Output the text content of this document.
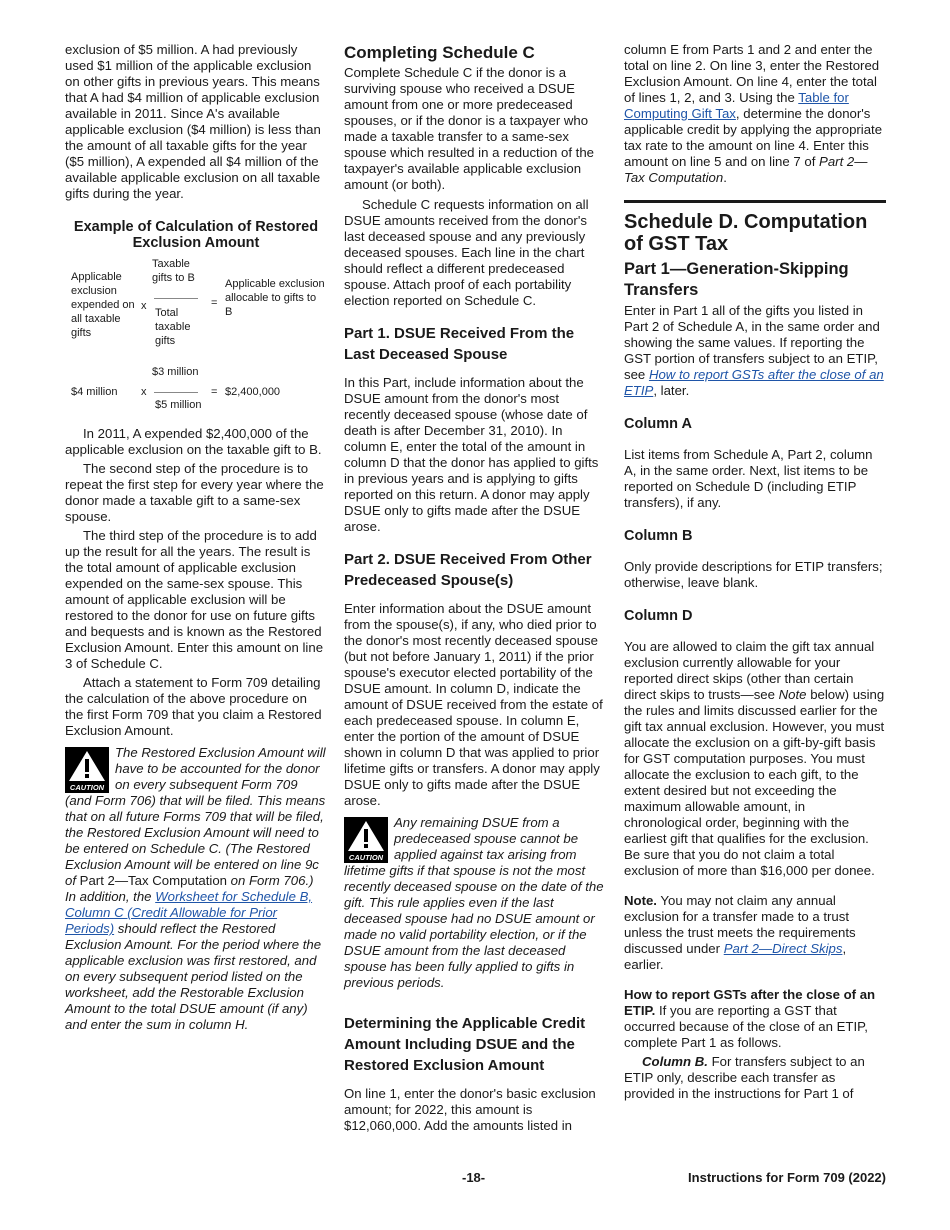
exclusion of $5 million. A had previously used $1 million of the applicable exclusion on other gifts in previous years. This means that A had $4 million of applicable exclusion available in 2011. Since A's available applicable exclusion ($4 million) is less than the amount of all taxable gifts for the year ($5 million), A expended all $4 million of the available applicable exclusion on all taxable gifts during the year.

Example of Calculation of Restored Exclusion Amount
Applicable exclusion expended on all taxable gifts
x
Taxable gifts to B
Total taxable gifts
=
Applicable exclusion allocable to gifts to B
$4 million x
$3 million
$5 million
= $2,400,000

In 2011, A expended $2,400,000 of the applicable exclusion on the taxable gift to B.

The second step of the procedure is to repeat the first step for every year where the donor made a taxable gift to a same-sex spouse.

The third step of the procedure is to add up the result for all the years. The result is the total amount of applicable exclusion expended on the same-sex spouse. This amount of applicable exclusion will be restored to the donor for use on future gifts and bequests and is known as the Restored Exclusion Amount. Enter this amount on line 3 of Schedule C.

Attach a statement to Form 709 detailing the calculation of the above procedure on the first Form 709 that you claim a Restored Exclusion Amount.

CAUTION
The Restored Exclusion Amount will have to be accounted for the donor on every subsequent Form 709 (and Form 706) that will be filed. This means that on all future Forms 709 that will be filed, the Restored Exclusion Amount will need to be entered on Schedule C. (The Restored Exclusion Amount will be entered on line 9c of Part 2—Tax Computation on Form 706.) In addition, the Worksheet for Schedule B, Column C (Credit Allowable for Prior Periods) should reflect the Restored Exclusion Amount. For the period where the applicable exclusion was first restored, and on every subsequent period listed on the worksheet, add the Restorable Exclusion Amount to the total DSUE amount (if any) and enter the sum in column H.
Completing Schedule C

Complete Schedule C if the donor is a surviving spouse who received a DSUE amount from one or more predeceased spouses, or if the donor is a taxpayer who made a taxable transfer to a same-sex spouse which resulted in a reduction of the taxpayer's available applicable exclusion amount (or both).

Schedule C requests information on all DSUE amounts received from the donor's last deceased spouse and any previously deceased spouses. Each line in the chart should reflect a different predeceased spouse. Attach proof of each portability election reported on Schedule C.

Part 1. DSUE Received From the Last Deceased Spouse

In this Part, include information about the DSUE amount from the donor's most recently deceased spouse (whose date of death is after December 31, 2010). In column E, enter the total of the amount in column D that the donor has applied to gifts in previous years and is applying to gifts reported on this return. A donor may apply DSUE only to gifts made after the DSUE arose.

Part 2. DSUE Received From Other Predeceased Spouse(s)

Enter information about the DSUE amount from the spouse(s), if any, who died prior to the donor's most recently deceased spouse (but not before January 1, 2011) if the prior spouse's executor elected portability of the DSUE amount. In column D, indicate the amount of DSUE received from the estate of each predeceased spouse. In column E, enter the portion of the amount of DSUE shown in column D that was applied to prior lifetime gifts or transfers. A donor may apply DSUE only to gifts made after the DSUE arose.

CAUTION
Any remaining DSUE from a predeceased spouse cannot be applied against tax arising from lifetime gifts if that spouse is not the most recently deceased spouse on the date of the gift. This rule applies even if the last deceased spouse had no DSUE amount or made no valid portability election, or if the DSUE amount from the last deceased spouse has been fully applied to gifts in previous periods.
Determining the Applicable Credit Amount Including DSUE and the Restored Exclusion Amount

On line 1, enter the donor's basic exclusion amount; for 2022, this amount is $12,060,000. Add the amounts listed in

column E from Parts 1 and 2 and enter the total on line 2. On line 3, enter the Restored Exclusion Amount. On line 4, enter the total of lines 1, 2, and 3. Using the Table for Computing Gift Tax, determine the donor's applicable credit by applying the appropriate tax rate to the amount on line 4. Enter this amount on line 5 and on line 7 of Part 2—Tax Computation.

Schedule D. Computation of GST Tax
Part 1—Generation-Skipping Transfers

Enter in Part 1 all of the gifts you listed in Part 2 of Schedule A, in the same order and showing the same values. If reporting the GST portion of transfers subject to an ETIP, see How to report GSTs after the close of an ETIP, later.

Column A

List items from Schedule A, Part 2, column A, in the same order. Next, list items to be reported on Schedule D (including ETIP transfers), if any.

Column B

Only provide descriptions for ETIP transfers; otherwise, leave blank.

Column D

You are allowed to claim the gift tax annual exclusion currently allowable for your reported direct skips (other than certain direct skips to trusts—see Note below) using the rules and limits discussed earlier for the gift tax annual exclusion. However, you must allocate the exclusion on a gift-by-gift basis for GST computation purposes. You must allocate the exclusion to each gift, to the extent desired but not exceeding the maximum allowable amount, in chronological order, beginning with the earliest gift that qualifies for the exclusion. Be sure that you do not claim a total exclusion of more than $16,000 per donee.

Note. You may not claim any annual exclusion for a transfer made to a trust unless the trust meets the requirements discussed under Part 2—Direct Skips, earlier.

How to report GSTs after the close of an ETIP. If you are reporting a GST that occurred because of the close of an ETIP, complete Part 1 as follows.

Column B. For transfers subject to an ETIP only, describe each transfer as provided in the instructions for Part 1 of

-18-	Instructions for Form 709 (2022)
